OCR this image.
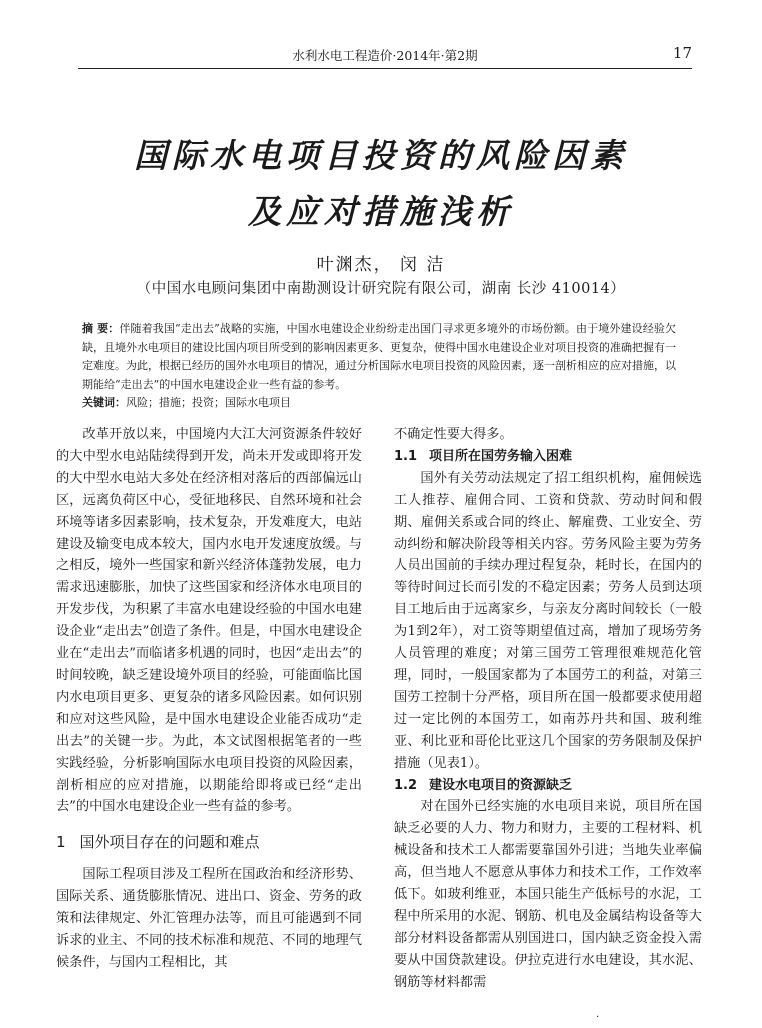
水利水电工程造价·2014年·第2期	17
国际水电项目投资的风险因素
及应对措施浅析
叶渊杰， 闵 洁
（中国水电顾问集团中南勘测设计研究院有限公司，湖南 长沙 410014）

摘 要：伴随着我国“走出去”战略的实施，中国水电建设企业纷纷走出国门寻求更多境外的市场份额。由于境外建设经验欠缺，且境外水电项目的建设比国内项目所受到的影响因素更多、更复杂，使得中国水电建设企业对项目投资的准确把握有一定难度。为此，根据已经历的国外水电项目的情况，通过分析国际水电项目投资的风险因素，逐一剖析相应的应对措施，以期能给“走出去”的中国水电建设企业一些有益的参考。

关键词：风险；措施；投资；国际水电项目

改革开放以来，中国境内大江大河资源条件较好的大中型水电站陆续得到开发，尚未开发或即将开发的大中型水电站大多处在经济相对落后的西部偏远山区，远离负荷区中心，受征地移民、自然环境和社会环境等诸多因素影响，技术复杂，开发难度大，电站建设及输变电成本较大，国内水电开发速度放缓。与之相反，境外一些国家和新兴经济体蓬勃发展，电力需求迅速膨胀，加快了这些国家和经济体水电项目的开发步伐，为积累了丰富水电建设经验的中国水电建设企业“走出去”创造了条件。但是，中国水电建设企业在“走出去”而临诸多机遇的同时，也因“走出去”的时间较晚，缺乏建设境外项目的经验，可能面临比国内水电项目更多、更复杂的诸多风险因素。如何识别和应对这些风险，是中国水电建设企业能否成功“走出去”的关键一步。为此，本文试图根据笔者的一些实践经验，分析影响国际水电项目投资的风险因素，剖析相应的应对措施，以期能给即将或已经“走出去”的中国水电建设企业一些有益的参考。

1 国外项目存在的问题和难点

国际工程项目涉及工程所在国政治和经济形势、国际关系、通货膨胀情况、进出口、资金、劳务的政策和法律规定、外汇管理办法等，而且可能遇到不同诉求的业主、不同的技术标准和规范、不同的地理气候条件，与国内工程相比，其

不确定性要大得多。

1.1 项目所在国劳务输入困难

国外有关劳动法规定了招工组织机构，雇佣候选工人推荐、雇佣合同、工资和贷款、劳动时间和假期、雇佣关系或合同的终止、解雇费、工业安全、劳动纠纷和解决阶段等相关内容。劳务风险主要为劳务人员出国前的手续办理过程复杂，耗时长，在国内的等待时间过长而引发的不稳定因素；劳务人员到达项目工地后由于远离家乡，与亲友分离时间较长（一般为1到2年），对工资等期望值过高，增加了现场劳务人员管理的难度；对第三国劳工管理很难规范化管理，同时，一般国家都为了本国劳工的利益，对第三国劳工控制十分严格，项目所在国一般都要求使用超过一定比例的本国劳工，如南苏丹共和国、玻利维亚、利比亚和哥伦比亚这几个国家的劳务限制及保护措施（见表1）。

1.2 建设水电项目的资源缺乏

对在国外已经实施的水电项目来说，项目所在国缺乏必要的人力、物力和财力，主要的工程材料、机械设备和技术工人都需要靠国外引进；当地失业率偏高，但当地人不愿意从事体力和技术工作，工作效率低下。如玻利维亚，本国只能生产低标号的水泥，工程中所采用的水泥、钢筋、机电及金属结构设备等大部分材料设备都需从别国进口，国内缺乏资金投入需要从中国贷款建设。伊拉克进行水电建设，其水泥、钢筋等材料都需

·
